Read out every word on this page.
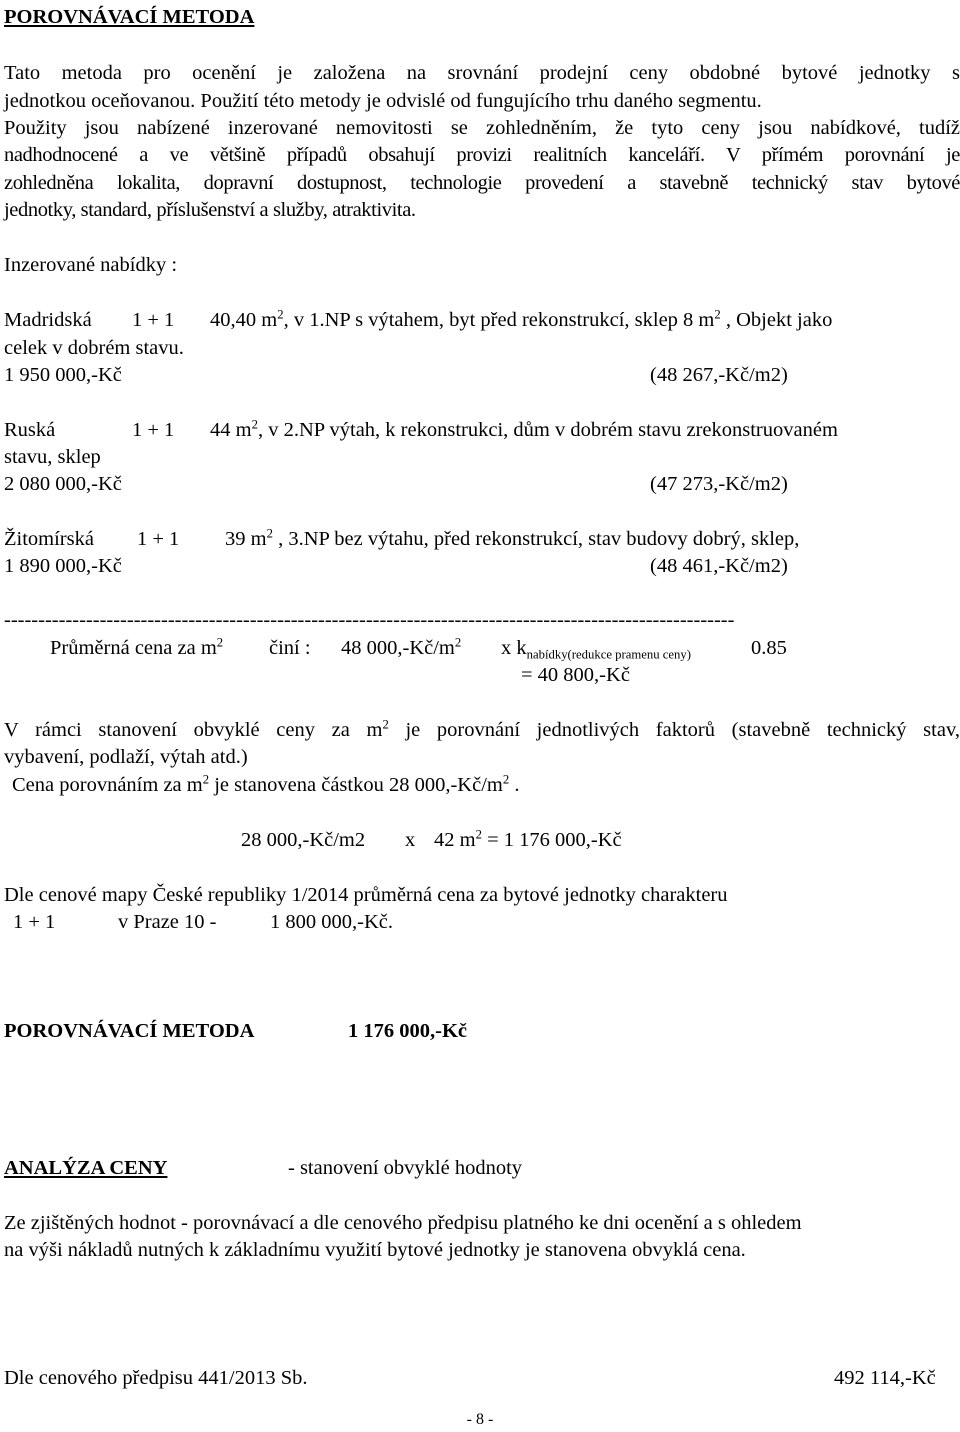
POROVNÁVACÍ METODA
Tato metoda pro ocenění je založena na srovnání prodejní ceny obdobné bytové jednotky s
jednotkou oceňovanou. Použití této metody je odvislé od fungujícího trhu daného segmentu.
Použity jsou nabízené inzerované nemovitosti se zohledněním, že tyto ceny jsou nabídkové, tudíž
nadhodnocené a ve většině případů obsahují provizi realitních kanceláří. V přímém porovnání je
zohledněna lokalita, dopravní dostupnost, technologie provedení a stavebně technický stav bytové
jednotky, standard, příslušenství a služby, atraktivita.
Inzerované nabídky :
Madridská 1 + 1 40,40 $m^2$, v 1.NP s výtahem, byt před rekonstrukcí, sklep 8 $m^2$ , Objekt jako
celek v dobrém stavu.
1 950 000,-Kč	(48 267,-Kč/m2)
Ruská	1 + 1 44 $m^2$, v 2.NP výtah, k rekonstrukci, dům v dobrém stavu zrekonstruovaném
stavu, sklep
2 080 000,-Kč	(47 273,-Kč/m2)
Žitomírská 1 + 1 39 $m^2$ , 3.NP bez výtahu, před rekonstrukcí, stav budovy dobrý, sklep,
1 890 000,-Kč	(48 461,-Kč/m2)
-----------------------------------------------------------------------------------------------------------
Průměrná cena za $m^2$ činí : 48 $000,-Kč/m^2$ x $k_{nabídky(redukce pramenu ceny)}$	0.85
= 40 800,-Kč
V rámci stanovení obvyklé ceny za $m^2$ je porovnání jednotlivých faktorů (stavebně technický stav,
vybavení, podlaží, výtah atd.)
Cena porovnáním za $m^2$ je stanovena částkou 28 $000,-Kč/m^2$ .
28 000,-Kč/m2 x 42 $m^2 = 1$ 176 000,-Kč
Dle cenové mapy České republiky 1/2014 průměrná cena za bytové jednotky charakteru
1 + 1	v Praze 10 -	1 800 000,-Kč.
POROVNÁVACÍ METODA	1 176 000,-Kč
ANALÝZA CENY	- stanovení obvyklé hodnoty
Ze zjištěných hodnot - porovnávací a dle cenového předpisu platného ke dni ocenění a s ohledem
na výši nákladů nutných k základnímu využití bytové jednotky je stanovena obvyklá cena.
Dle cenového předpisu 441/2013 Sb.	492 114,-Kč
- 8 -
